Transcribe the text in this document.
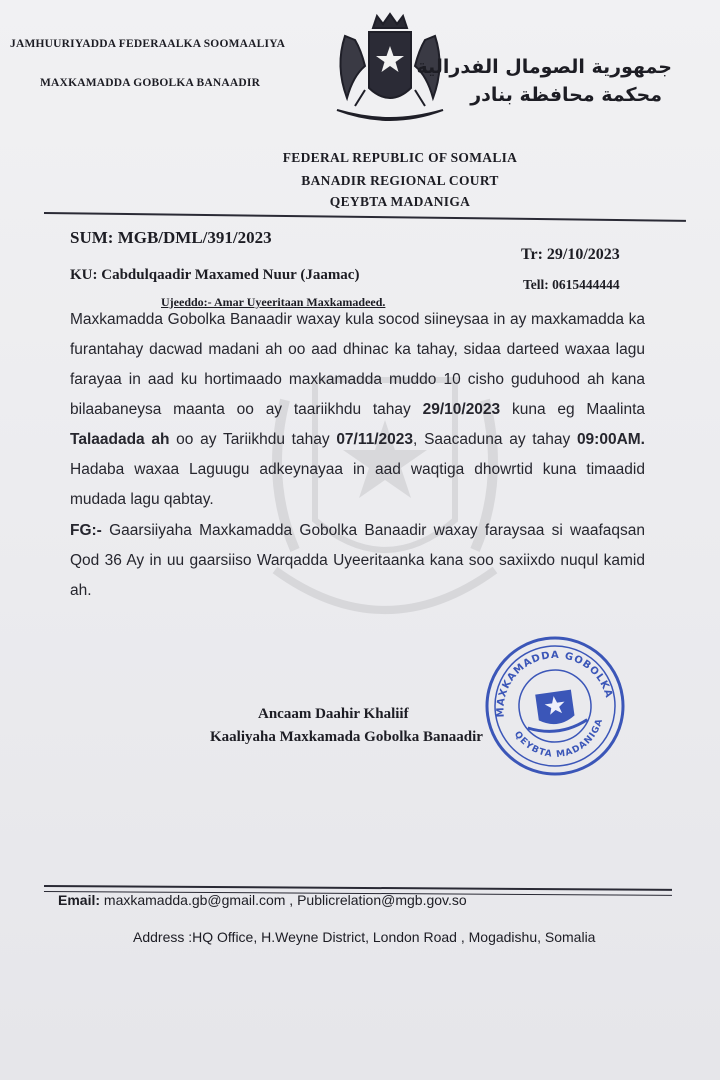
JAMHUURIYADDA FEDERAALKA SOOMAALIYA
MAXKAMADDA GOBOLKA BANAADIR
جمهورية الصومال الفدرالية
محكمة محافظة بنادر
FEDERAL REPUBLIC OF SOMALIA
BANADIR REGIONAL COURT
QEYBTA MADANIGA
SUM: MGB/DML/391/2023
Tr: 29/10/2023
KU: Cabdulqaadir Maxamed Nuur (Jaamac)
Tell: 0615444444
Ujeeddo:- Amar Uyeeritaan Maxkamadeed.
Maxkamadda Gobolka Banaadir waxay kula socod siineysaa in ay maxkamadda ka furantahay dacwad madani ah oo aad dhinac ka tahay, sidaa darteed waxaa lagu farayaa in aad ku hortimaado maxkamadda muddo 10 cisho guduhood ah kana bilaabaneysa maanta oo ay taariikhdu tahay 29/10/2023 kuna eg Maalinta Talaadada ah oo ay Tariikhdu tahay 07/11/2023, Saacaduna ay tahay 09:00AM. Hadaba waxaa Laguugu adkeynayaa in aad waqtiga dhowrtid kuna timaadid mudada lagu qabtay.
FG:- Gaarsiiyaha Maxkamadda Gobolka Banaadir waxay faraysaa si waafaqsan Qod 36 Ay in uu gaarsiiso Warqadda Uyeeritaanka kana soo saxiixdo nuqul kamid ah.
Ancaam Daahir Khaliif
Kaaliyaha Maxkamada Gobolka Banaadir
MAXKAMADDA GOBOLKA
QEYBTA MADANIGA
Email: maxkamadda.gb@gmail.com , Publicrelation@mgb.gov.so
Address :HQ Office, H.Weyne District, London Road , Mogadishu, Somalia
